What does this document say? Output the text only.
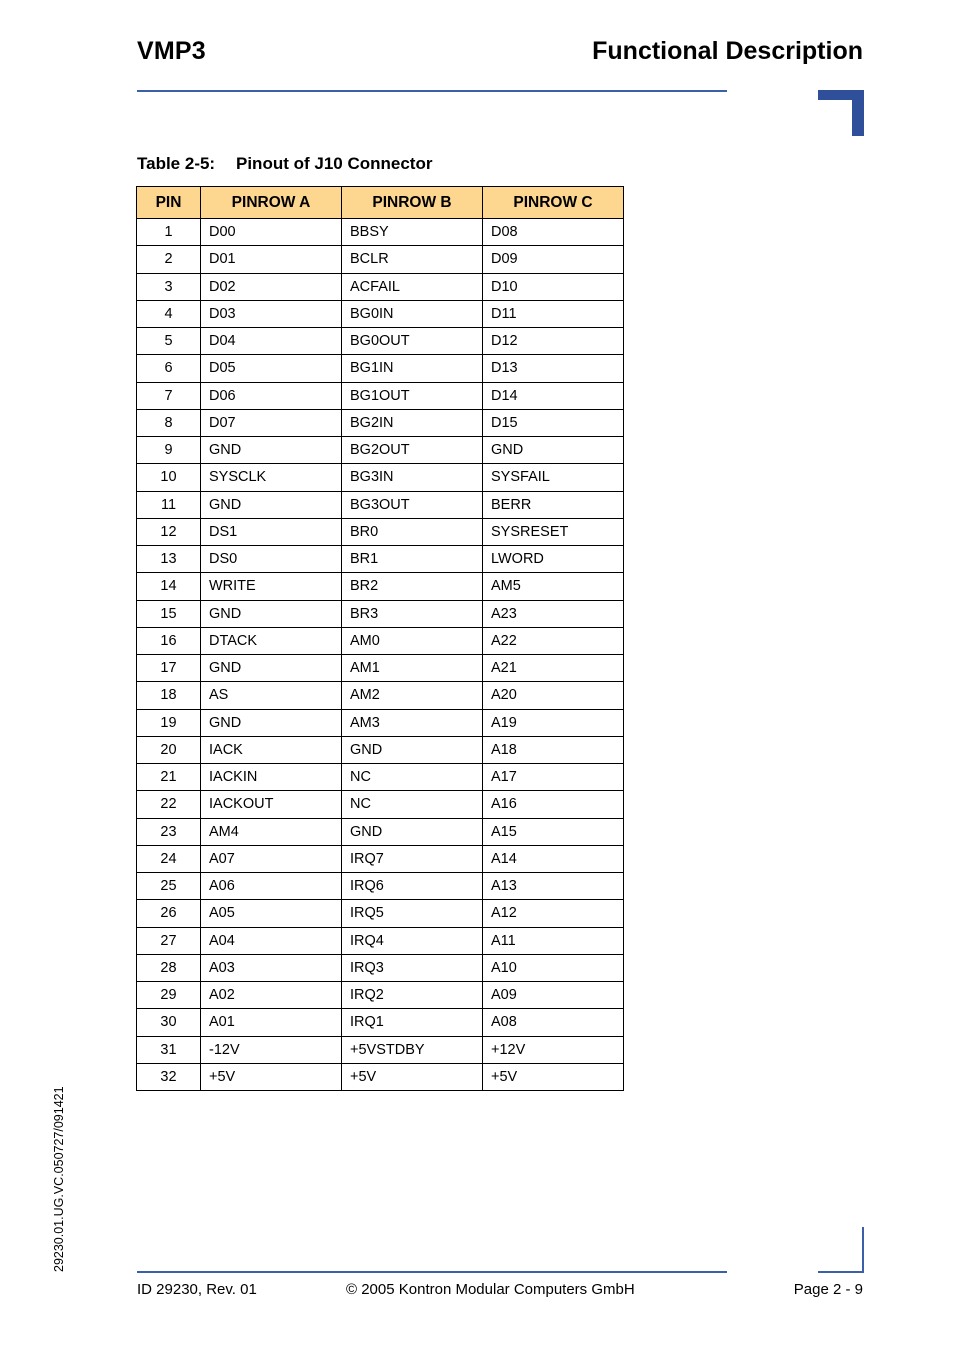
VMP3	Functional Description
Table 2-5: Pinout of J10 Connector
PIN	PINROW A	PINROW B	PINROW C
1	D00	BBSY	D08
2	D01	BCLR	D09
3	D02	ACFAIL	D10
4	D03	BG0IN	D11
5	D04	BG0OUT	D12
6	D05	BG1IN	D13
7	D06	BG1OUT	D14
8	D07	BG2IN	D15
9	GND	BG2OUT	GND
10	SYSCLK	BG3IN	SYSFAIL
11	GND	BG3OUT	BERR
12	DS1	BR0	SYSRESET
13	DS0	BR1	LWORD
14	WRITE	BR2	AM5
15	GND	BR3	A23
16	DTACK	AM0	A22
17	GND	AM1	A21
18	AS	AM2	A20
19	GND	AM3	A19
20	IACK	GND	A18
21	IACKIN	NC	A17
22	IACKOUT	NC	A16
23	AM4	GND	A15
24	A07	IRQ7	A14
25	A06	IRQ6	A13
26	A05	IRQ5	A12
27	A04	IRQ4	A11
28	A03	IRQ3	A10
29	A02	IRQ2	A09
30	A01	IRQ1	A08
31	-12V	+5VSTDBY	+12V
32	+5V	+5V	+5V
29230.01.UG.VC.050727/091421
ID 29230, Rev. 01	© 2005 Kontron Modular Computers GmbH	Page 2 - 9
